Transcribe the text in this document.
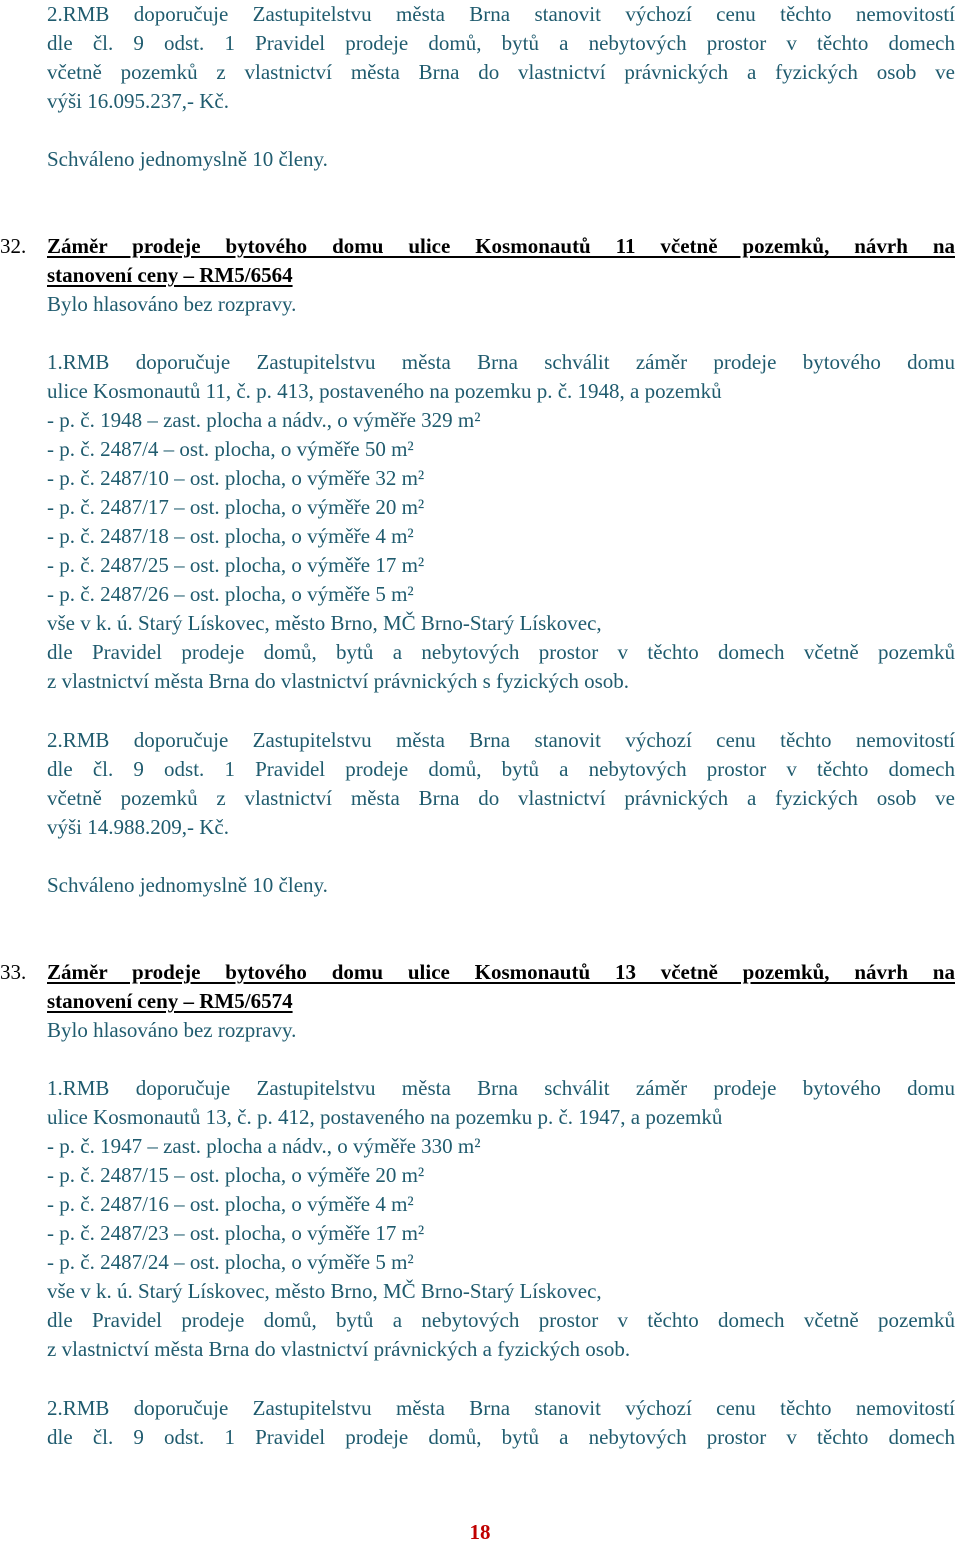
2.RMB doporučuje Zastupitelstvu města Brna stanovit výchozí cenu těchto nemovitostí
dle čl. 9 odst. 1 Pravidel prodeje domů, bytů a nebytových prostor v těchto domech
včetně pozemků z vlastnictví města Brna do vlastnictví právnických a fyzických osob ve
výši 16.095.237,- Kč.
Schváleno jednomyslně 10 členy.
32. Záměr prodeje bytového domu ulice Kosmonautů 11 včetně pozemků, návrh na
stanovení ceny – RM5/6564
Bylo hlasováno bez rozpravy.
1.RMB doporučuje Zastupitelstvu města Brna schválit záměr prodeje bytového domu
ulice Kosmonautů 11, č. p. 413, postaveného na pozemku p. č. 1948, a pozemků
- p. č. 1948 – zast. plocha a nádv., o výměře 329 m²
- p. č. 2487/4 – ost. plocha, o výměře 50 m²
- p. č. 2487/10 – ost. plocha, o výměře 32 m²
- p. č. 2487/17 – ost. plocha, o výměře 20 m²
- p. č. 2487/18 – ost. plocha, o výměře 4 m²
- p. č. 2487/25 – ost. plocha, o výměře 17 m²
- p. č. 2487/26 – ost. plocha, o výměře 5 m²
vše v k. ú. Starý Lískovec, město Brno, MČ Brno-Starý Lískovec,
dle Pravidel prodeje domů, bytů a nebytových prostor v těchto domech včetně pozemků
z vlastnictví města Brna do vlastnictví právnických s fyzických osob.
2.RMB doporučuje Zastupitelstvu města Brna stanovit výchozí cenu těchto nemovitostí
dle čl. 9 odst. 1 Pravidel prodeje domů, bytů a nebytových prostor v těchto domech
včetně pozemků z vlastnictví města Brna do vlastnictví právnických a fyzických osob ve
výši 14.988.209,- Kč.
Schváleno jednomyslně 10 členy.
33. Záměr prodeje bytového domu ulice Kosmonautů 13 včetně pozemků, návrh na
stanovení ceny – RM5/6574
Bylo hlasováno bez rozpravy.
1.RMB doporučuje Zastupitelstvu města Brna schválit záměr prodeje bytového domu
ulice Kosmonautů 13, č. p. 412, postaveného na pozemku p. č. 1947, a pozemků
- p. č. 1947 – zast. plocha a nádv., o výměře 330 m²
- p. č. 2487/15 – ost. plocha, o výměře 20 m²
- p. č. 2487/16 – ost. plocha, o výměře 4 m²
- p. č. 2487/23 – ost. plocha, o výměře 17 m²
- p. č. 2487/24 – ost. plocha, o výměře 5 m²
vše v k. ú. Starý Lískovec, město Brno, MČ Brno-Starý Lískovec,
dle Pravidel prodeje domů, bytů a nebytových prostor v těchto domech včetně pozemků
z vlastnictví města Brna do vlastnictví právnických a fyzických osob.
2.RMB doporučuje Zastupitelstvu města Brna stanovit výchozí cenu těchto nemovitostí
dle čl. 9 odst. 1 Pravidel prodeje domů, bytů a nebytových prostor v těchto domech
18
